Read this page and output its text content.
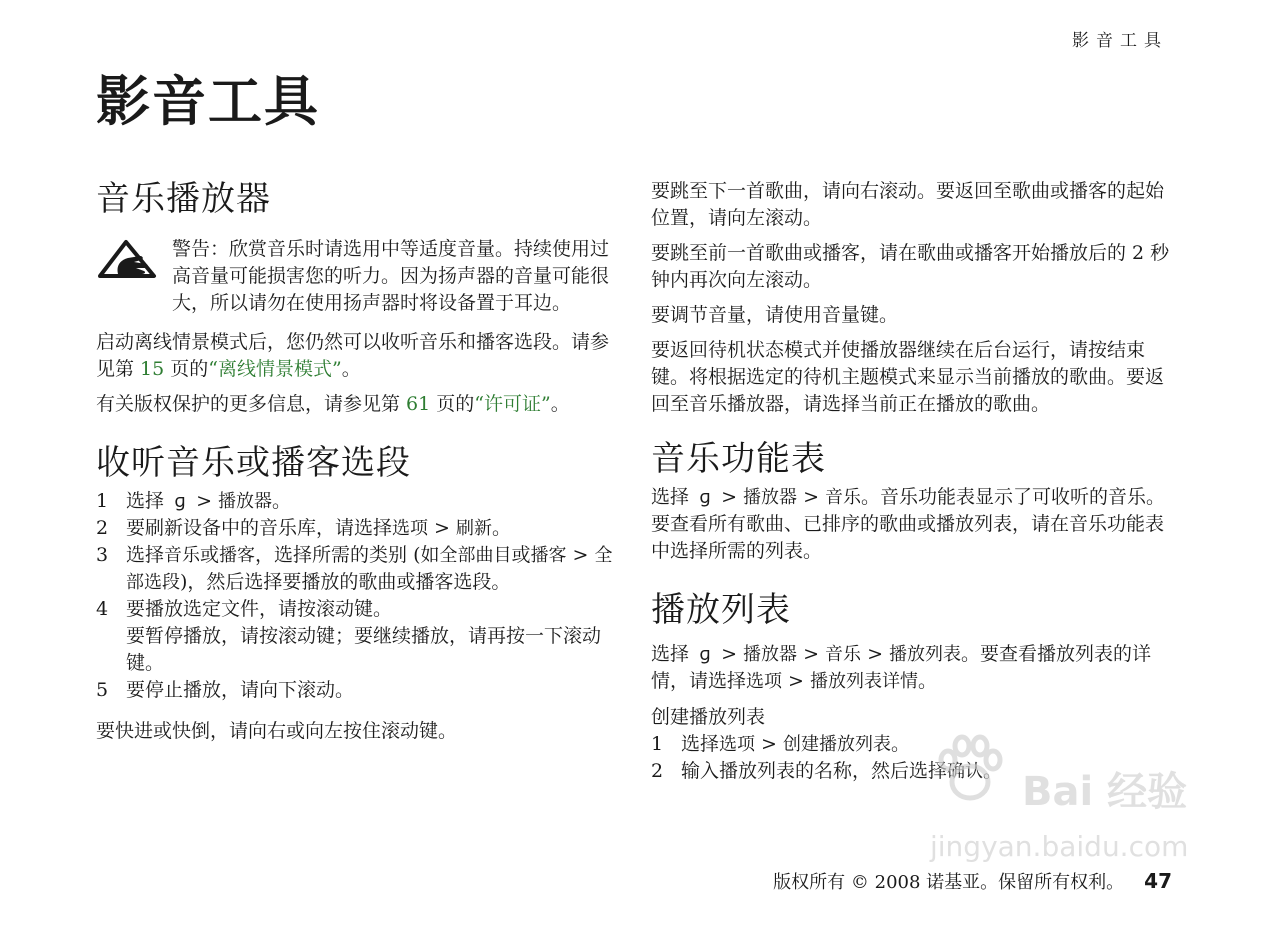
影音工具
影音工具
音乐播放器

警告：欣赏音乐时请选用中等适度音量。持续使用过高音量可能损害您的听力。因为扬声器的音量可能很大，所以请勿在使用扬声器时将设备置于耳边。

启动离线情景模式后，您仍然可以收听音乐和播客选段。请参见第 15 页的“离线情景模式”。

有关版权保护的更多信息，请参见第 61 页的“许可证”。

收听音乐或播客选段
1 选择 ɡ > 播放器。
2 要刷新设备中的音乐库，请选择选项 > 刷新。
3 选择音乐或播客，选择所需的类别 (如全部曲目或播客 > 全部选段)，然后选择要播放的歌曲或播客选段。
4 要播放选定文件，请按滚动键。
要暂停播放，请按滚动键；要继续播放，请再按一下滚动键。
5 要停止播放，请向下滚动。

要快进或快倒，请向右或向左按住滚动键。

要跳至下一首歌曲，请向右滚动。要返回至歌曲或播客的起始位置，请向左滚动。

要跳至前一首歌曲或播客，请在歌曲或播客开始播放后的 2 秒钟内再次向左滚动。

要调节音量，请使用音量键。

要返回待机状态模式并使播放器继续在后台运行，请按结束键。将根据选定的待机主题模式来显示当前播放的歌曲。要返回至音乐播放器，请选择当前正在播放的歌曲。

音乐功能表

选择 ɡ > 播放器 > 音乐。音乐功能表显示了可收听的音乐。要查看所有歌曲、已排序的歌曲或播放列表，请在音乐功能表中选择所需的列表。

播放列表

选择 ɡ > 播放器 > 音乐 > 播放列表。要查看播放列表的详情，请选择选项 > 播放列表详情。

创建播放列表
1 选择选项 > 创建播放列表。
2 输入播放列表的名称，然后选择确认。 Bai 经验
jingyan.baidu.com
版权所有 © 2008 诺基亚。保留所有权利。 47
